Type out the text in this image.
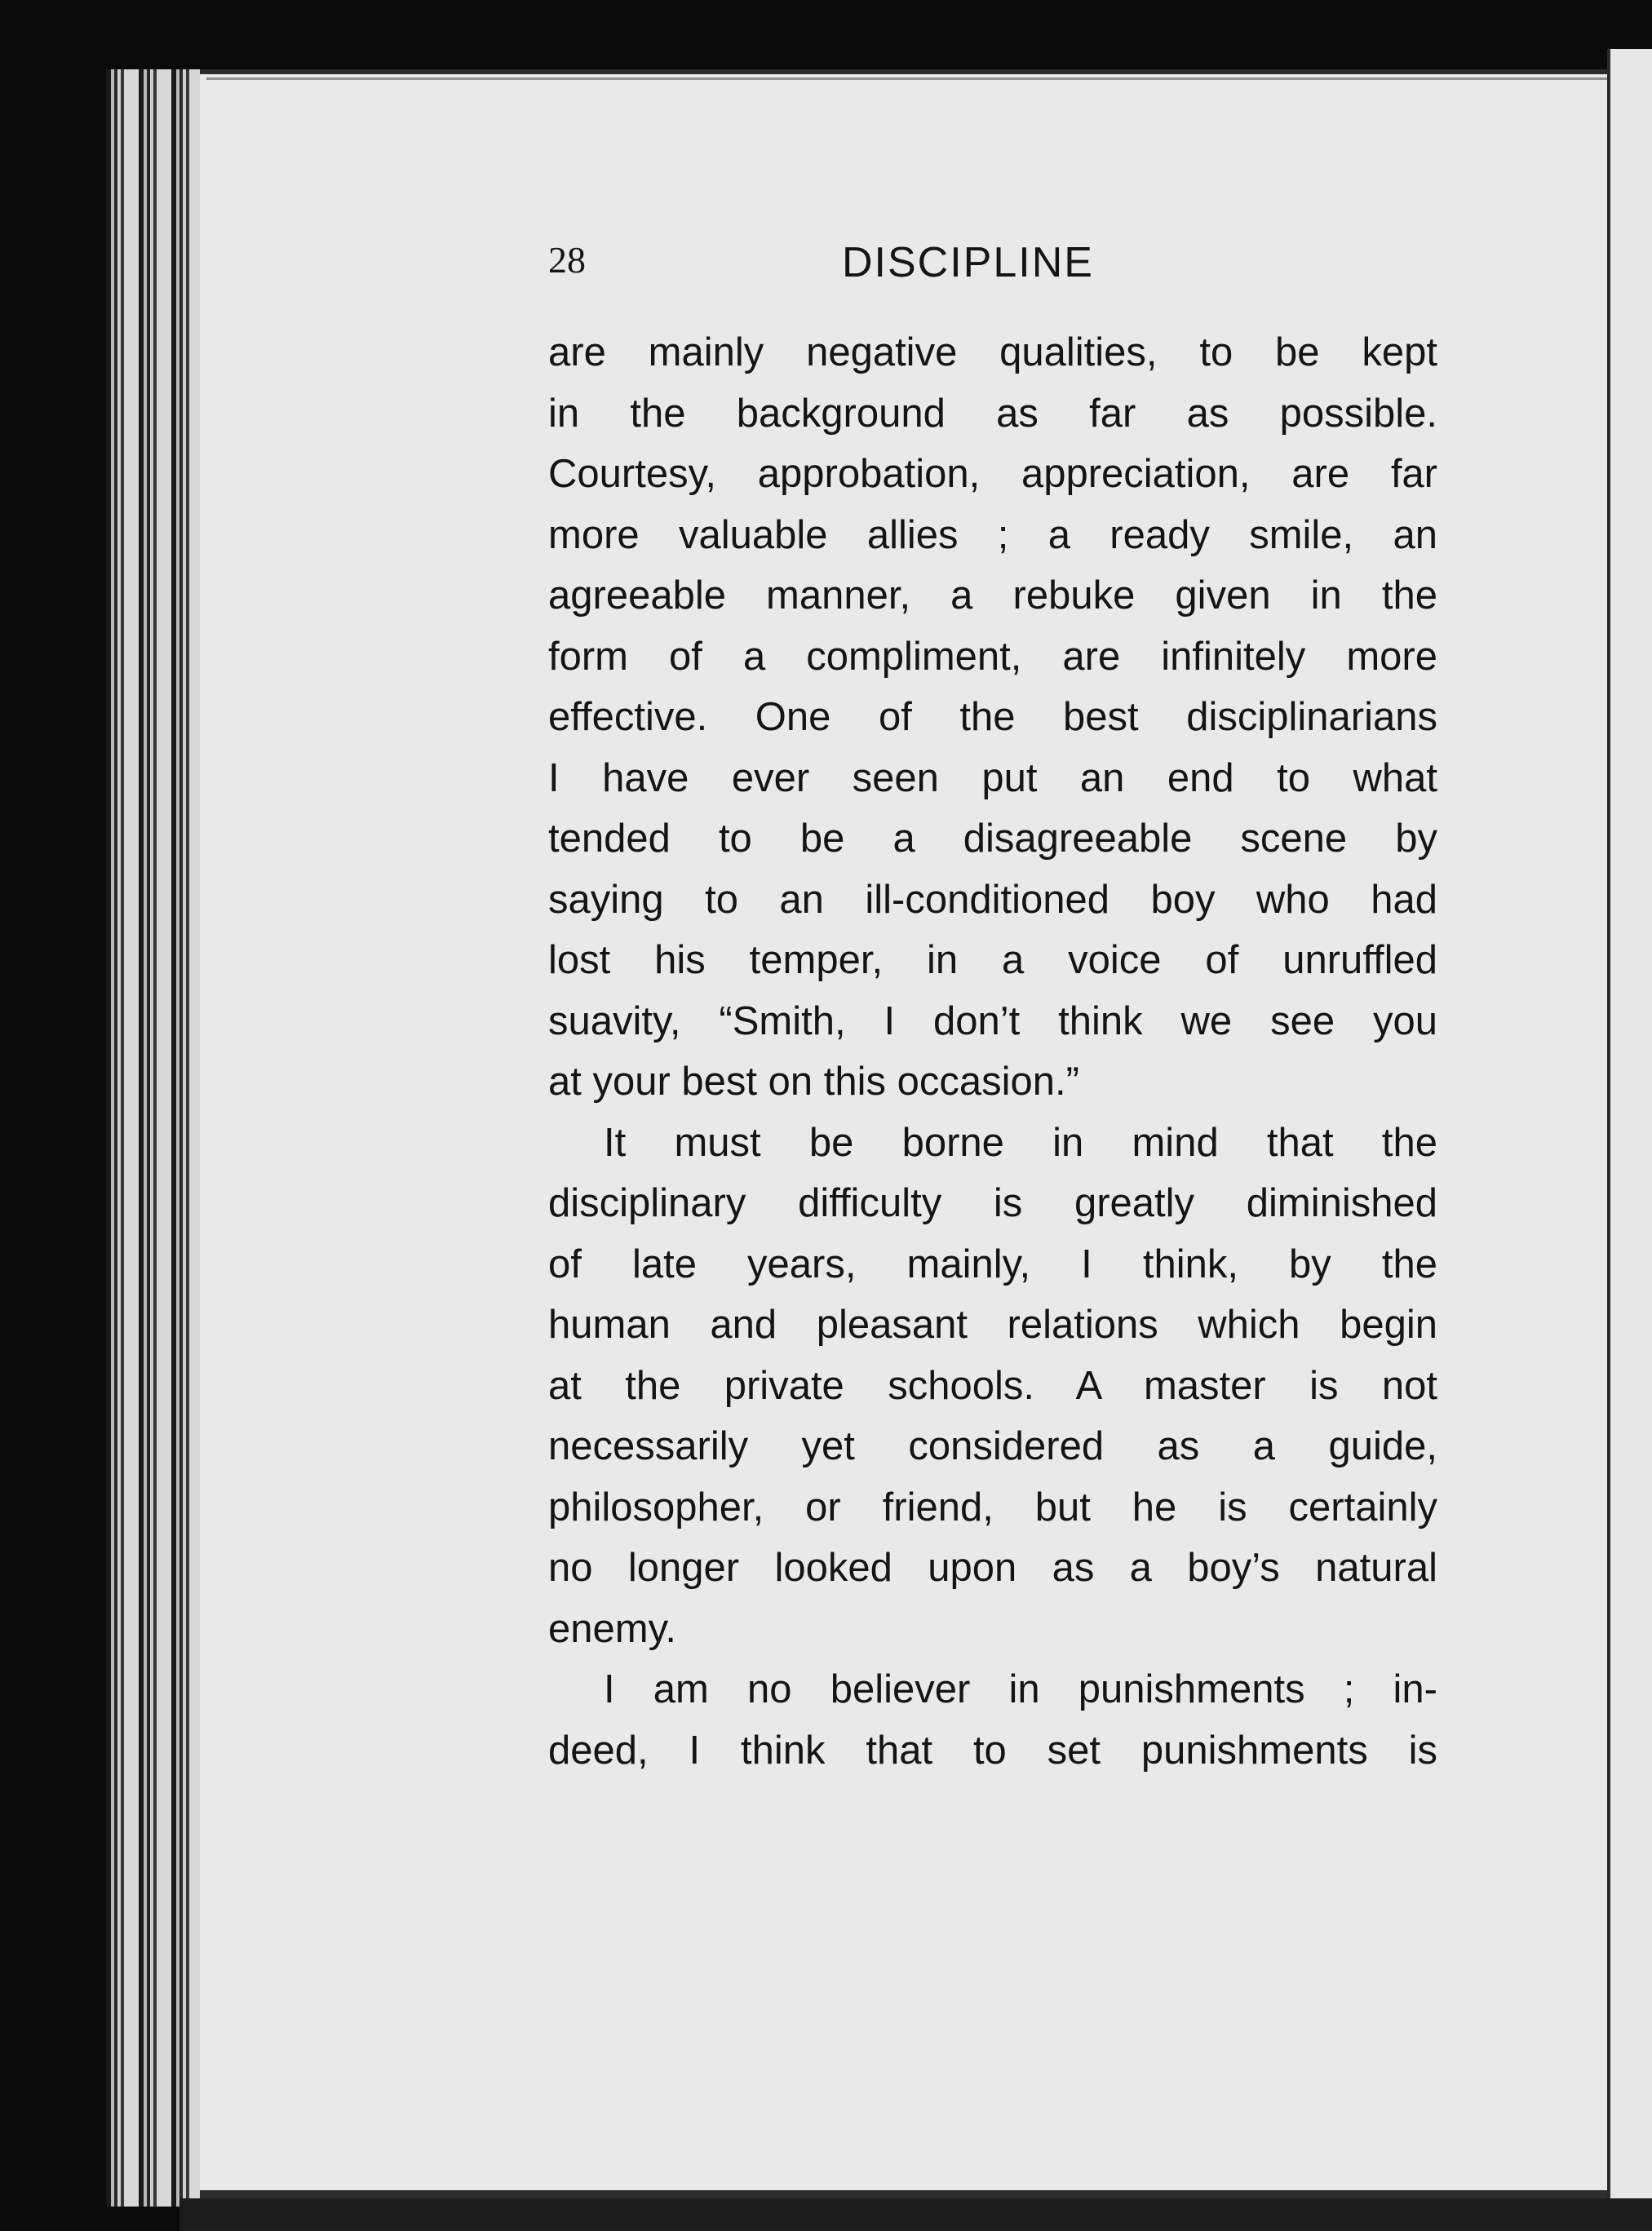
28	DISCIPLINE
are mainly negative qualities, to be kept
in the background as far as possible.
Courtesy, approbation, appreciation, are far
more valuable allies ; a ready smile, an
agreeable manner, a rebuke given in the
form of a compliment, are infinitely more
effective. One of the best disciplinarians
I have ever seen put an end to what
tended to be a disagreeable scene by
saying to an ill-conditioned boy who had
lost his temper, in a voice of unruffled
suavity, “Smith, I don’t think we see you
at your best on this occasion.”
It must be borne in mind that the
disciplinary difficulty is greatly diminished
of late years, mainly, I think, by the
human and pleasant relations which begin
at the private schools. A master is not
necessarily yet considered as a guide,
philosopher, or friend, but he is certainly
no longer looked upon as a boy’s natural
enemy.
I am no believer in punishments ; in-
deed, I think that to set punishments is
